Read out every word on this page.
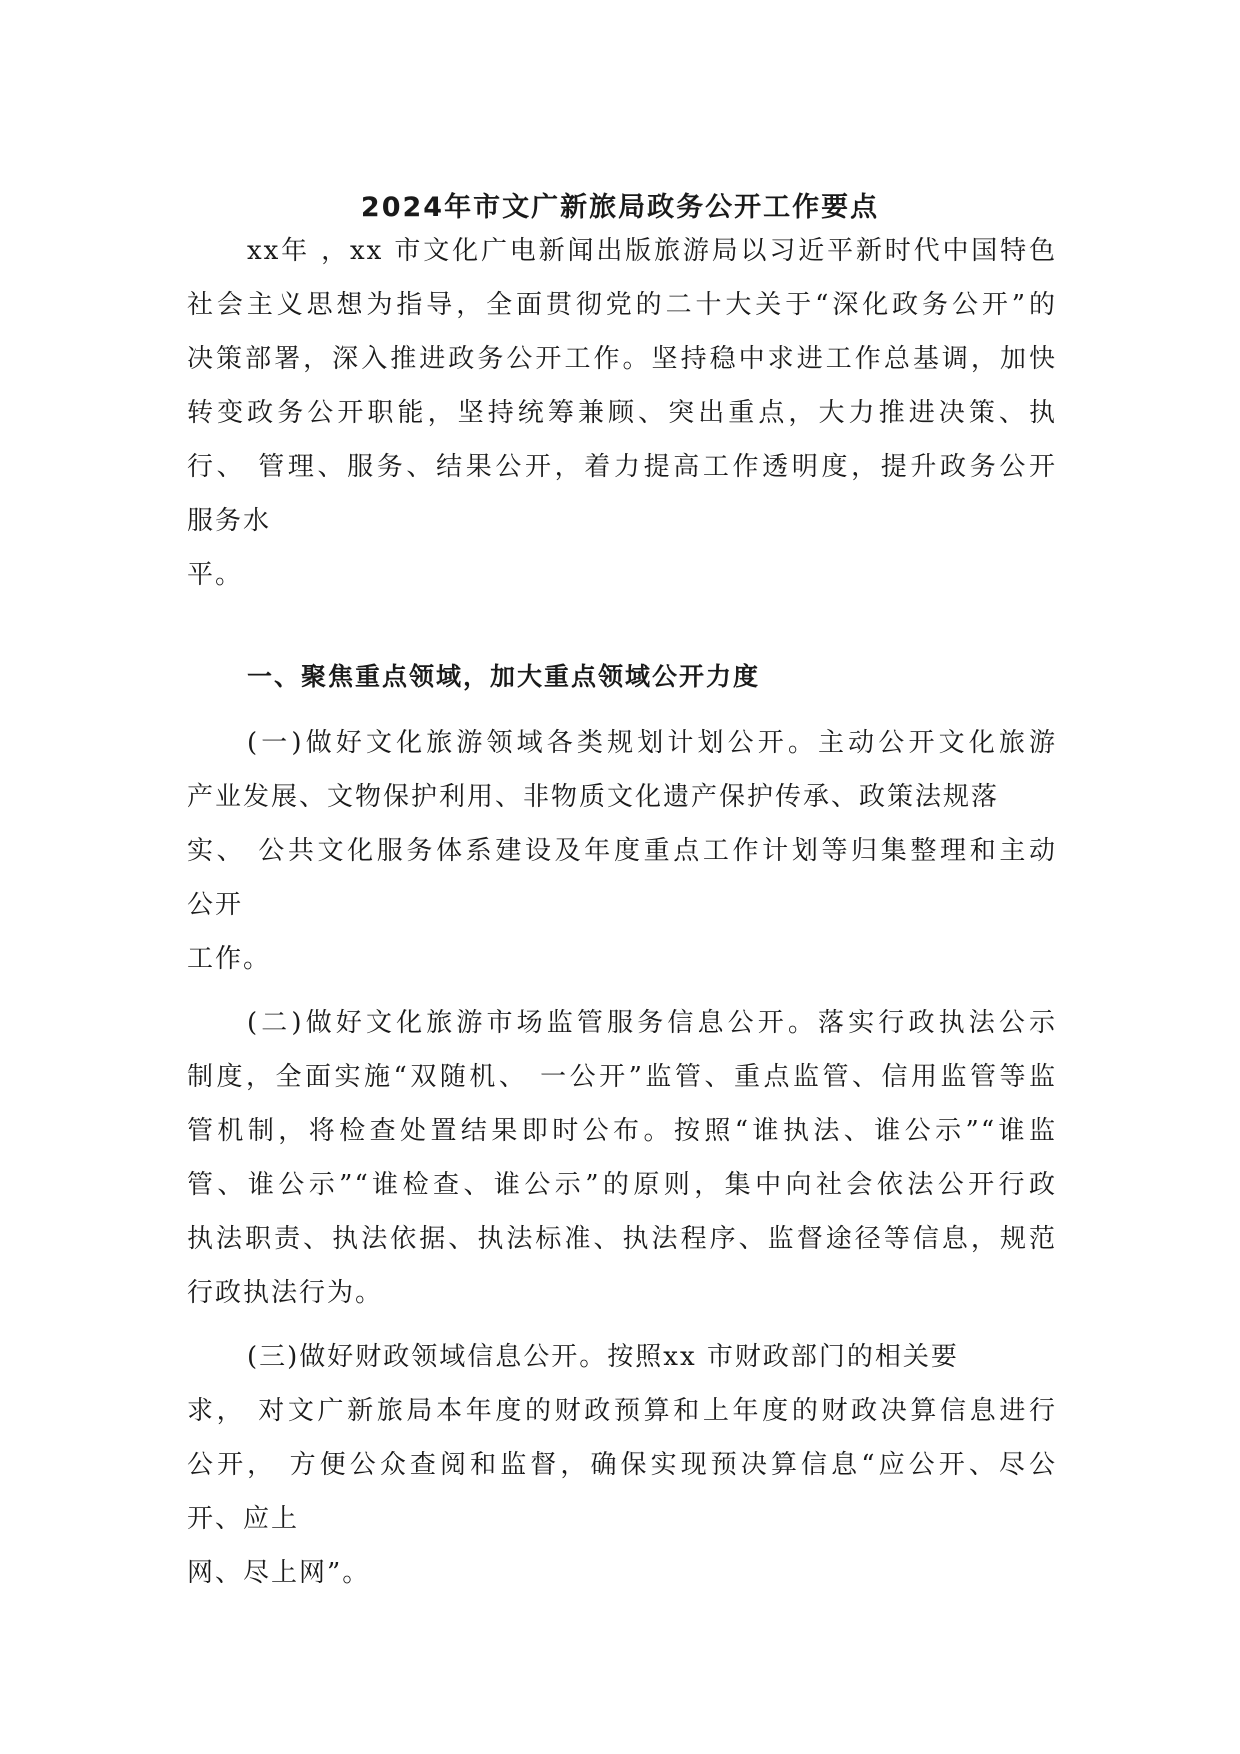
2024年市文广新旅局政务公开工作要点
xx年 ，xx 市文化广电新闻出版旅游局以习近平新时代中国特色
社会主义思想为指导，全面贯彻党的二十大关于“深化政务公开”的
决策部署，深入推进政务公开工作。坚持稳中求进工作总基调，加快
转变政务公开职能，坚持统筹兼顾、突出重点，大力推进决策、执
行、 管理、服务、结果公开，着力提高工作透明度，提升政务公开
服务水
平。
一、聚焦重点领域，加大重点领域公开力度
(一)做好文化旅游领域各类规划计划公开。主动公开文化旅游
产业发展、文物保护利用、非物质文化遗产保护传承、政策法规落
实、 公共文化服务体系建设及年度重点工作计划等归集整理和主动
公开
工作。
(二)做好文化旅游市场监管服务信息公开。落实行政执法公示
制度，全面实施“双随机、 一公开”监管、重点监管、信用监管等监
管机制，将检查处置结果即时公布。按照“谁执法、谁公示”“谁监
管、谁公示”“谁检查、谁公示”的原则，集中向社会依法公开行政
执法职责、执法依据、执法标准、执法程序、监督途径等信息，规范
行政执法行为。
(三)做好财政领域信息公开。按照xx 市财政部门的相关要
求， 对文广新旅局本年度的财政预算和上年度的财政决算信息进行
公开， 方便公众查阅和监督，确保实现预决算信息“应公开、尽公
开、应上
网、尽上网”。
